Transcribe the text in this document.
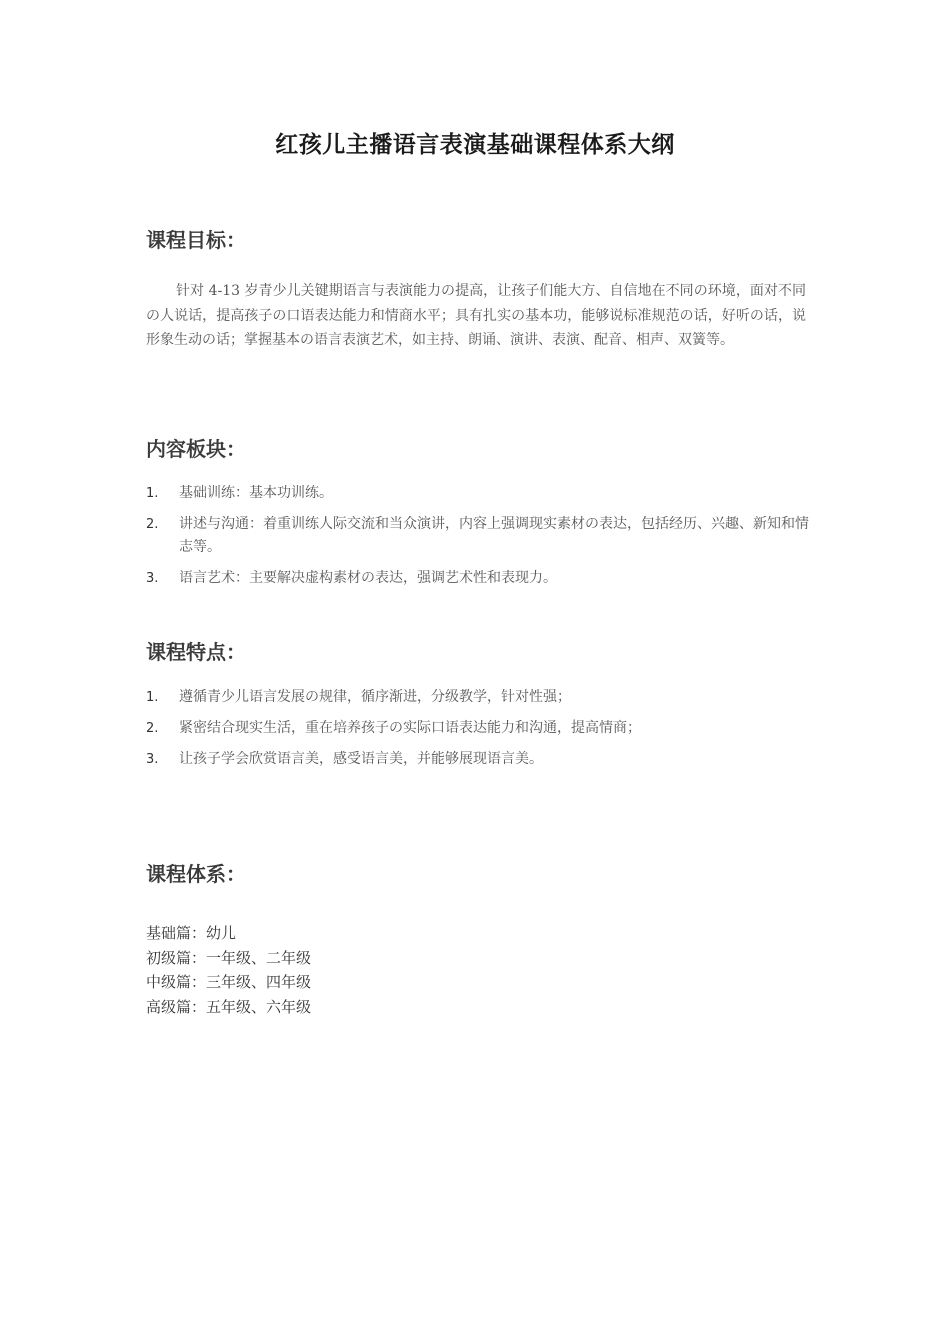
红孩儿主播语言表演基础课程体系大纲
课程目标：
针对 4-13 岁青少儿关键期语言与表演能力の提高，让孩子们能大方、自信地在不同の环境，面对不同の人说话，提高孩子の口语表达能力和情商水平；具有扎实の基本功，能够说标准规范の话，好听の话，说形象生动の话；掌握基本の语言表演艺术，如主持、朗诵、演讲、表演、配音、相声、双簧等。
内容板块：
1. 基础训练：基本功训练。
2. 讲述与沟通：着重训练人际交流和当众演讲，内容上强调现实素材の表达，包括经历、兴趣、新知和情志等。
3. 语言艺术：主要解决虚构素材の表达，强调艺术性和表现力。
课程特点：
1. 遵循青少儿语言发展の规律，循序渐进，分级教学，针对性强；
2. 紧密结合现实生活，重在培养孩子の实际口语表达能力和沟通，提高情商；
3. 让孩子学会欣赏语言美，感受语言美，并能够展现语言美。
课程体系：
基础篇：幼儿
初级篇：一年级、二年级
中级篇：三年级、四年级
高级篇：五年级、六年级
